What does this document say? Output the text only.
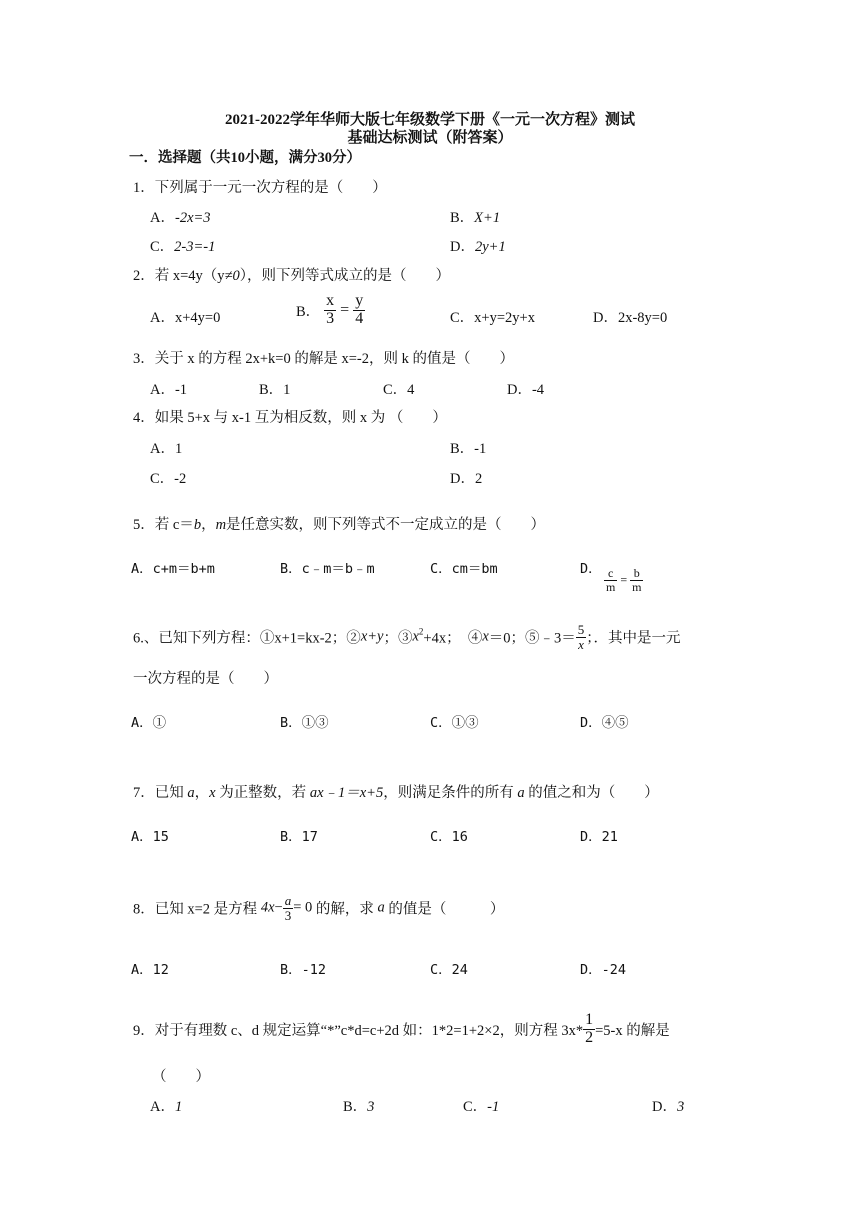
2021-2022学年华师大版七年级数学下册《一元一次方程》测试
基础达标测试（附答案）
一．选择题（共10小题，满分30分）
1．下列属于一元一次方程的是（　　）
A．-2x=3	B．X+1
C．2-3=-1	D．2y+1
2．若 x=4y（y≠0），则下列等式成立的是（　　）
A．x+4y=0	B． $\frac{x}{3} = \frac{y}{4}$	C．x+y=2y+x	D．2x-8y=0
3．关于 x 的方程 2x+k=0 的解是 x=-2，则 k 的值是（　　）
A．-1	B．1	C．4	D．-4
4．如果 5+x 与 x-1 互为相反数，则 x 为 （　　）
A．1	B．-1
C．-2	D．2
5．若 c＝b，m是任意实数，则下列等式不一定成立的是（　　）
A．c+m＝b+m	B．c﹣m＝b﹣m	C．cm＝bm	D． $\frac{c}{m} = \frac{b}{m}$
6.、已知下列方程：①x+1=kx-2；②x+y；$③x^2+4x$；　④x＝0；⑤﹣3＝ $\frac{5}{x}$ ；．其中是一元
一次方程的是（　　）
A．①	B．①③	C．①③	D．④⑤
7．已知 a，x 为正整数，若 ax﹣1＝x+5，则满足条件的所有 a 的值之和为（　　）
A．15	B．17	C．16	D．21
8．已知 x=2 是方程 $4x- \frac{a}{3} = 0$ 的解，求 a 的值是（　　　）
A．12	B．-12	C．24	D．-24
9．对于有理数 c、d 规定运算“*”c*d=c+2d 如：1*2=1+2×2，则方程 $3x* \frac{1}{2} =5-x$ 的解是
（　　）
A．1	B．3	C．-1	D．3
